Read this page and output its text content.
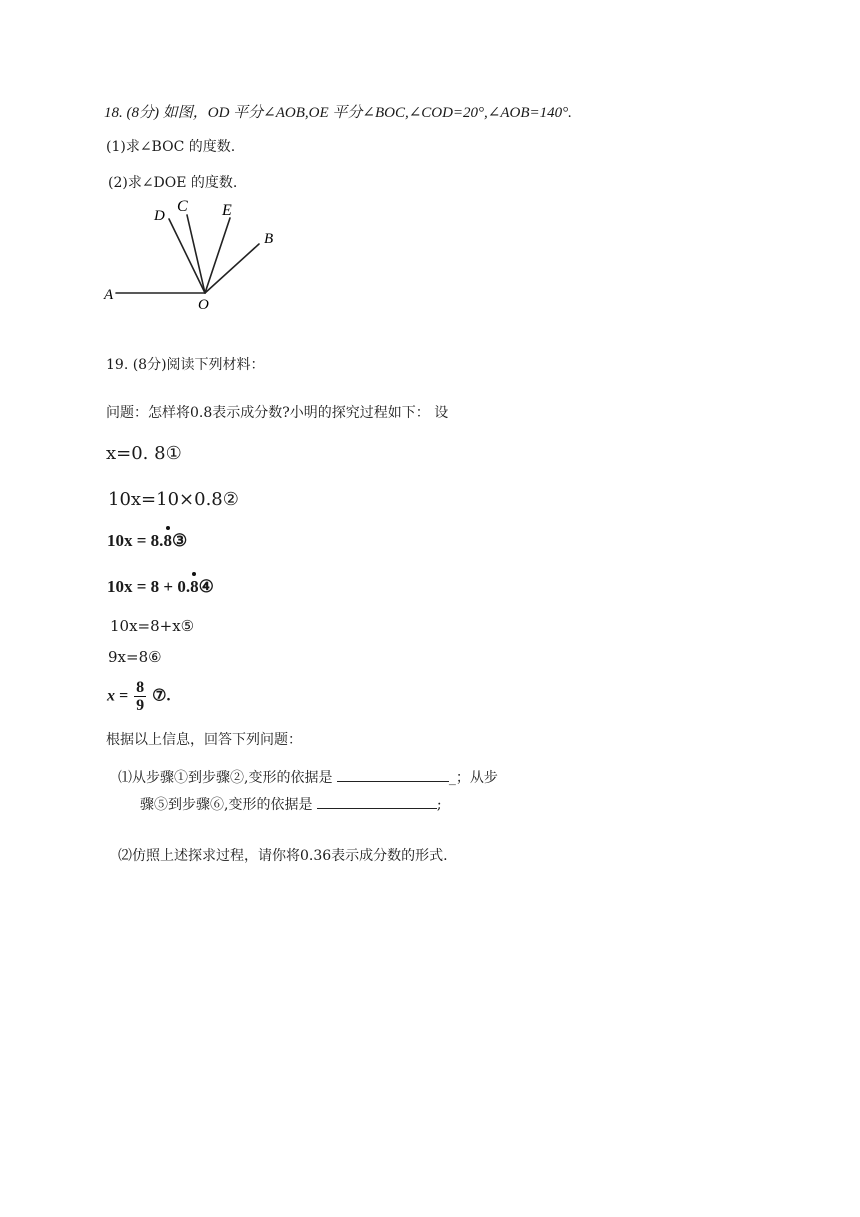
18. (8分) 如图，OD 平分∠AOB,OE 平分∠BOC,∠COD=20°,∠AOB=140°.
(1)求∠BOC 的度数.
(2)求∠DOE 的度数.
A
O
D
C E
B
19. (8分)阅读下列材料：
问题：怎样将0.8表示成分数?小明的探究过程如下： 设
x=0. 8①
10x=10×0.8②
10x = 8.8③
10x = 8 + 0.8④
10x=8+x⑤
9x=8⑥
$x = \frac{8}{9}$ ⑦.
根据以上信息，回答下列问题：
⑴从步骤①到步骤②,变形的依据是	_；从步
骤⑤到步骤⑥,变形的依据是	;
⑵仿照上述探求过程，请你将0.36表示成分数的形式.
